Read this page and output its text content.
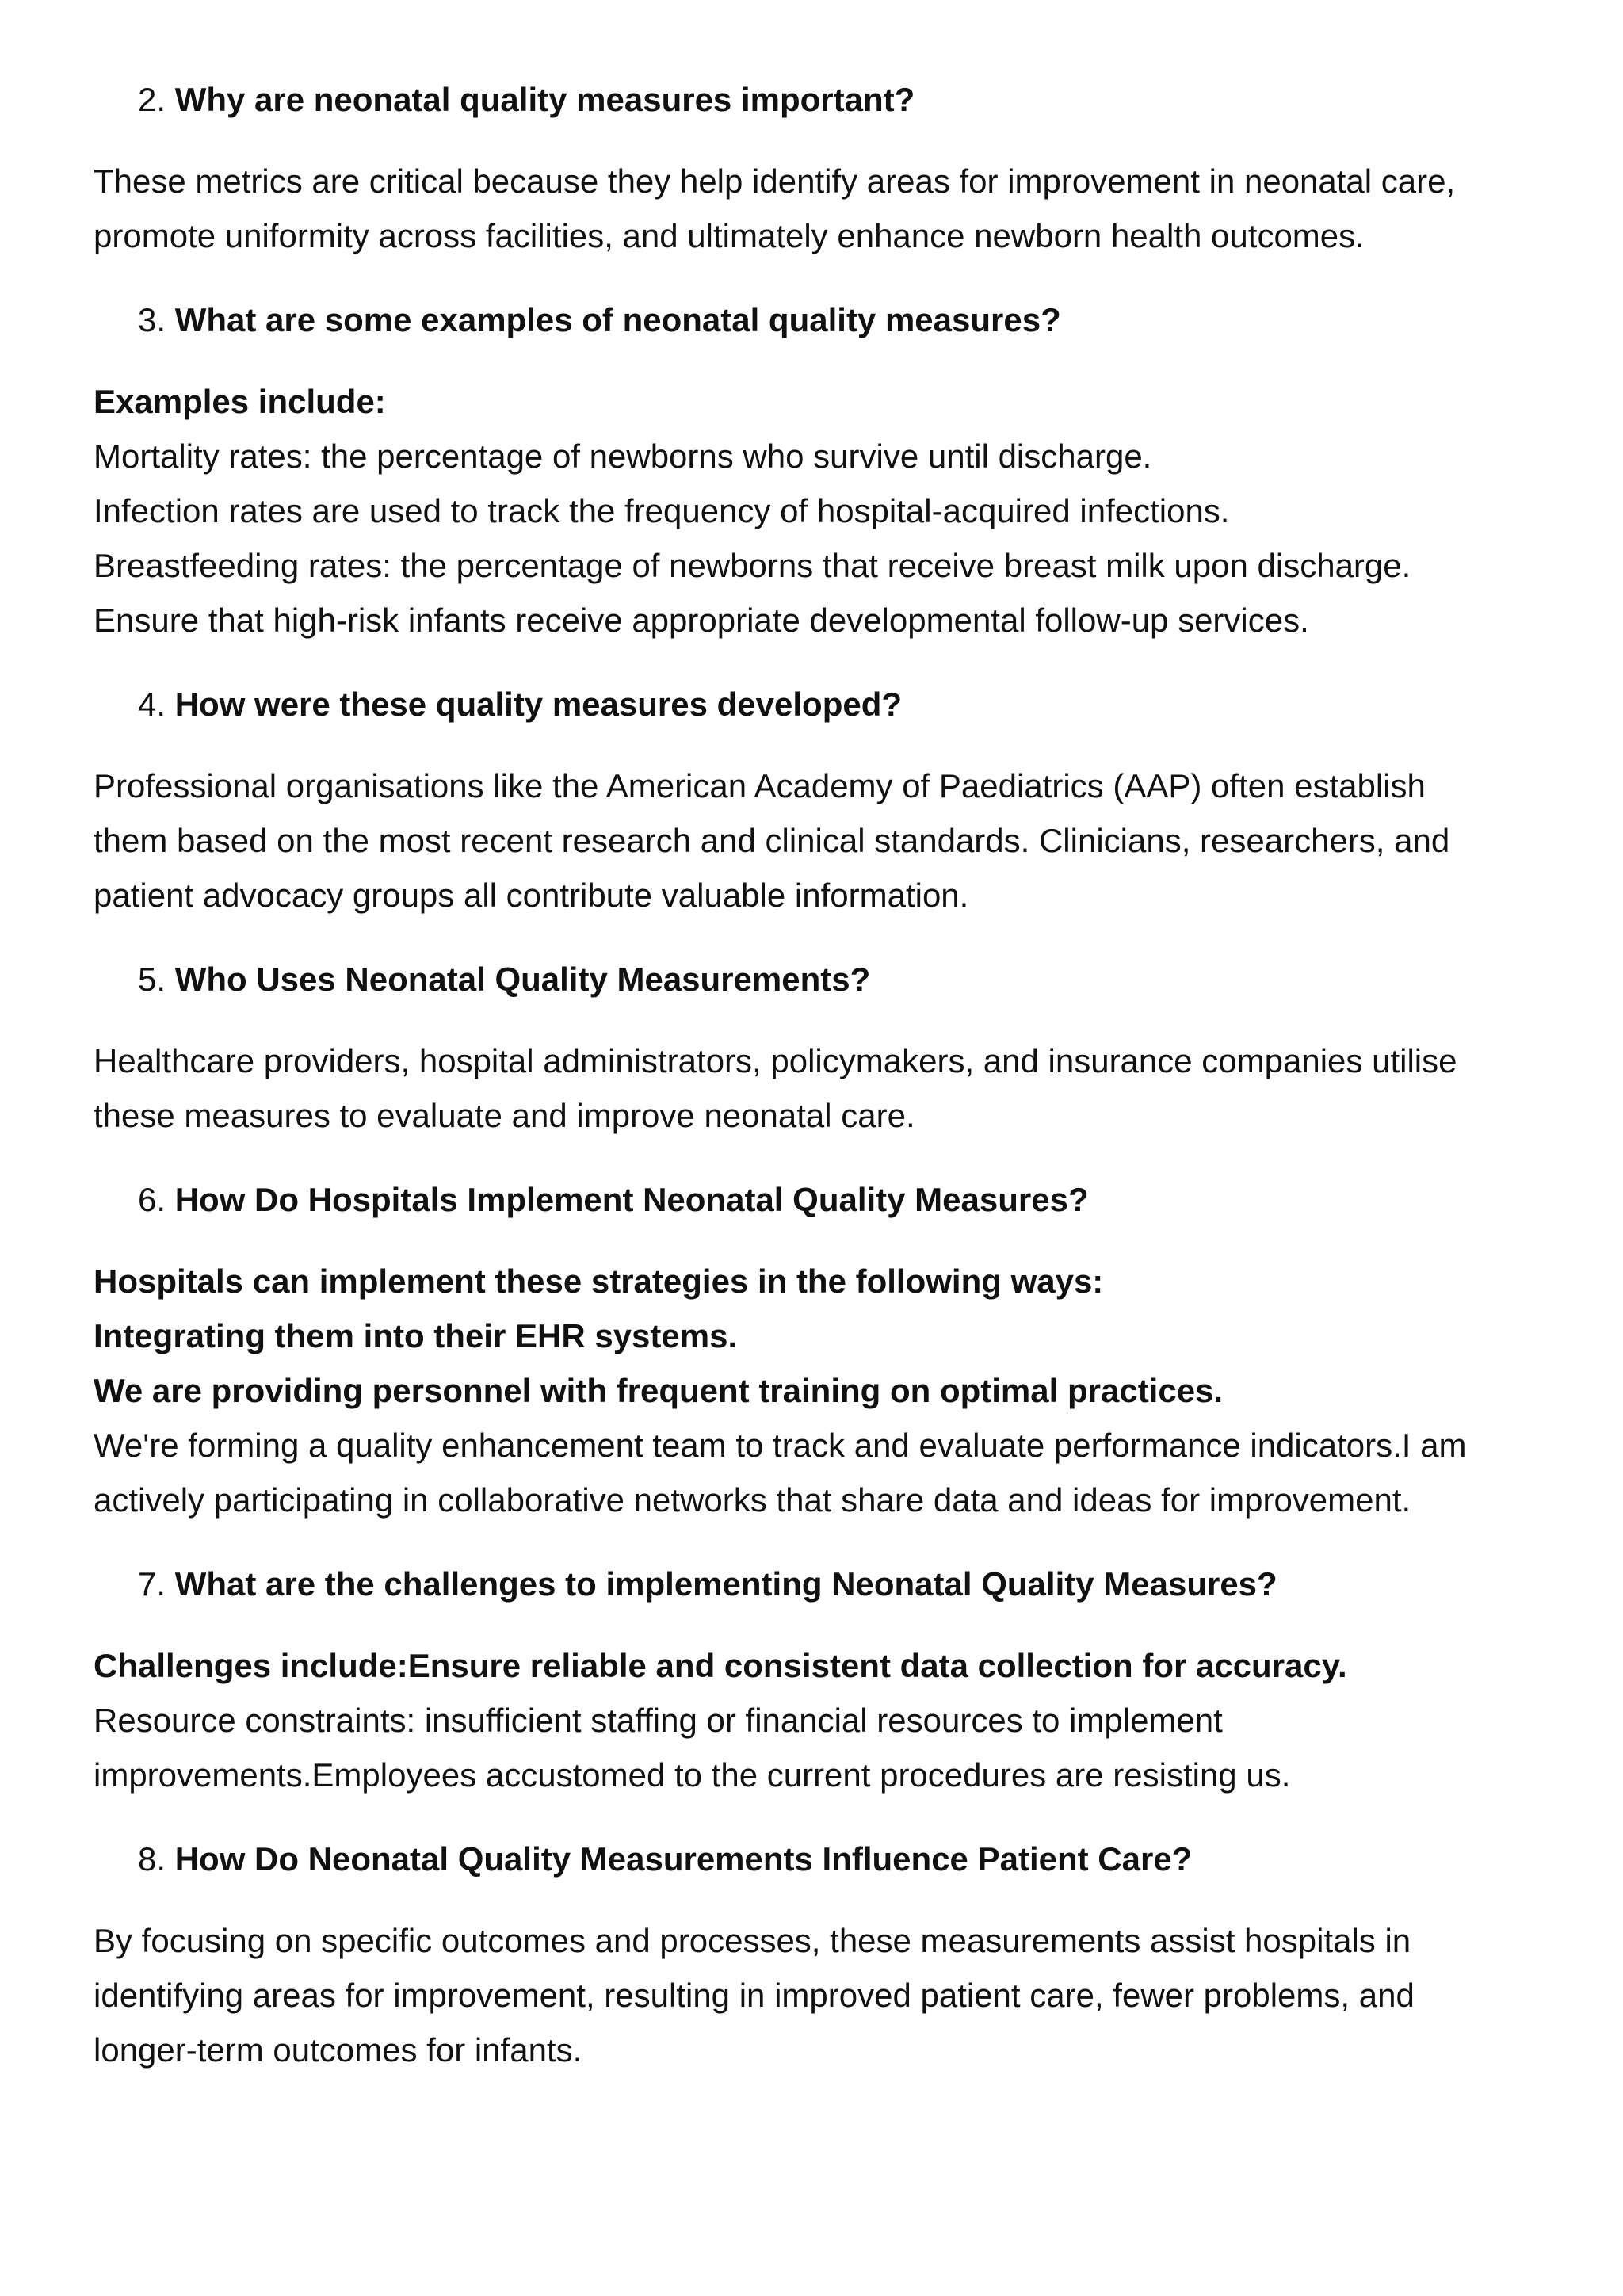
2. Why are neonatal quality measures important?
These metrics are critical because they help identify areas for improvement in neonatal care,
promote uniformity across facilities, and ultimately enhance newborn health outcomes.
3. What are some examples of neonatal quality measures?
Examples include:
Mortality rates: the percentage of newborns who survive until discharge.
Infection rates are used to track the frequency of hospital-acquired infections.
Breastfeeding rates: the percentage of newborns that receive breast milk upon discharge.
Ensure that high-risk infants receive appropriate developmental follow-up services.
4. How were these quality measures developed?
Professional organisations like the American Academy of Paediatrics (AAP) often establish
them based on the most recent research and clinical standards. Clinicians, researchers, and
patient advocacy groups all contribute valuable information.
5. Who Uses Neonatal Quality Measurements?
Healthcare providers, hospital administrators, policymakers, and insurance companies utilise
these measures to evaluate and improve neonatal care.
6. How Do Hospitals Implement Neonatal Quality Measures?
Hospitals can implement these strategies in the following ways:
Integrating them into their EHR systems.
We are providing personnel with frequent training on optimal practices.
We're forming a quality enhancement team to track and evaluate performance indicators.I am
actively participating in collaborative networks that share data and ideas for improvement.
7. What are the challenges to implementing Neonatal Quality Measures?
Challenges include:Ensure reliable and consistent data collection for accuracy.
Resource constraints: insufficient staffing or financial resources to implement
improvements.Employees accustomed to the current procedures are resisting us.
8. How Do Neonatal Quality Measurements Influence Patient Care?
By focusing on specific outcomes and processes, these measurements assist hospitals in
identifying areas for improvement, resulting in improved patient care, fewer problems, and
longer-term outcomes for infants.
